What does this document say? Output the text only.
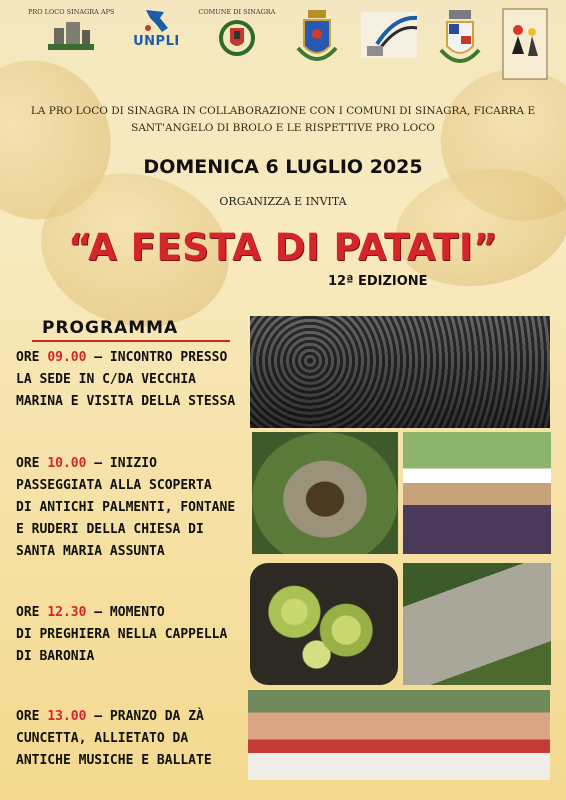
PRO LOCO SINAGRA APS
UNPLI
COMUNE DI SINAGRA
LA PRO LOCO DI SINAGRA IN COLLABORAZIONE CON I COMUNI DI SINAGRA, FICARRA E
SANT'ANGELO DI BROLO E LE RISPETTIVE PRO LOCO
DOMENICA 6 LUGLIO 2025
ORGANIZZA E INVITA
“A FESTA DI PATATI”
12ª EDIZIONE
PROGRAMMA
ORE 09.00 – INCONTRO PRESSO
LA SEDE IN C/DA VECCHIA
MARINA E VISITA DELLA STESSA
ORE 10.00 – INIZIO
PASSEGGIATA ALLA SCOPERTA
DI ANTICHI PALMENTI, FONTANE
E RUDERI DELLA CHIESA DI
SANTA MARIA ASSUNTA
ORE 12.30 – MOMENTO
DI PREGHIERA NELLA CAPPELLA
DI BARONIA
ORE 13.00 – PRANZO DA ZÀ
CUNCETTA, ALLIETATO DA
ANTICHE MUSICHE E BALLATE
